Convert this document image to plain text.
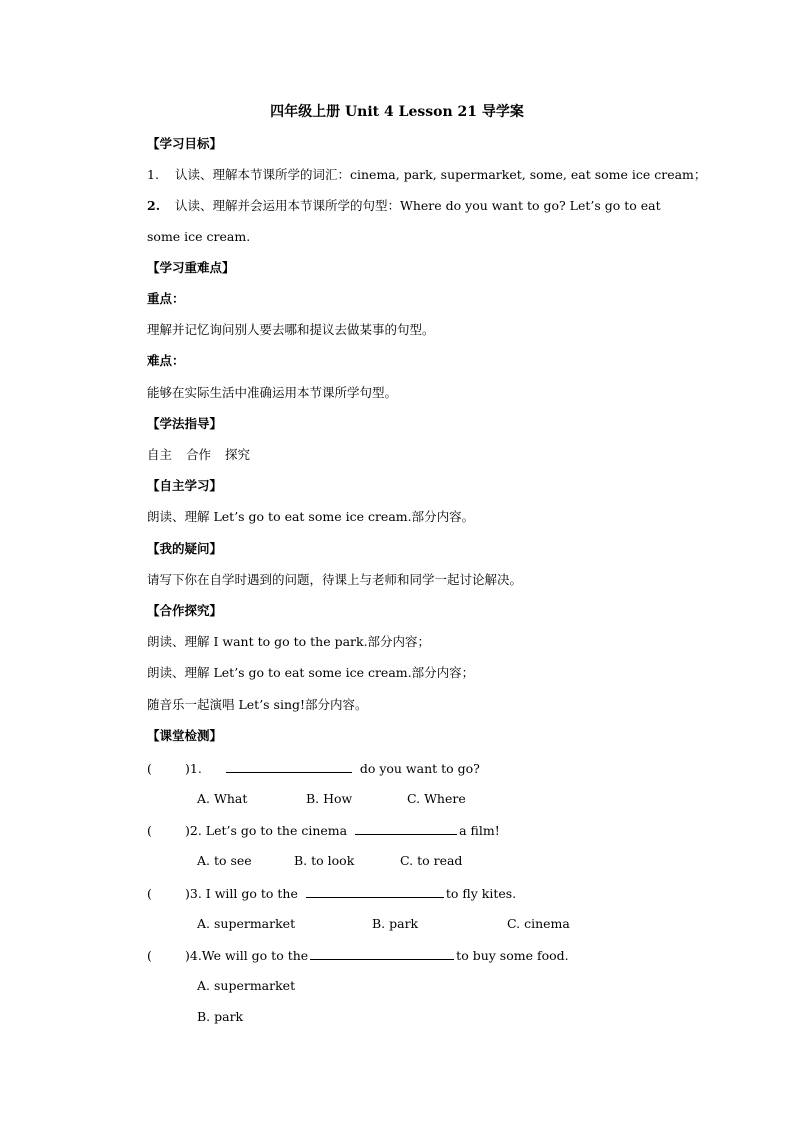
四年级上册 Unit 4 Lesson 21 导学案
【学习目标】
1. 认读、理解本节课所学的词汇：cinema, park, supermarket, some, eat some ice cream；
2. 认读、理解并会运用本节课所学的句型：Where do you want to go? Let’s go to eat
some ice cream.
【学习重难点】
重点：
理解并记忆询问别人要去哪和提议去做某事的句型。
难点：
能够在实际生活中准确运用本节课所学句型。
【学法指导】
自主 合作 探究
【自主学习】
朗读、理解 Let’s go to eat some ice cream.部分内容。
【我的疑问】
请写下你在自学时遇到的问题，待课上与老师和同学一起讨论解决。
【合作探究】
朗读、理解 I want to go to the park.部分内容；
朗读、理解 Let’s go to eat some ice cream.部分内容；
随音乐一起演唱 Let’s sing!部分内容。
【课堂检测】
(	)1.	do you want to go?
A. What	B. How	C. Where
(	)2. Let’s go to the cinema	a film!
A. to see	B. to look	C. to read
(	)3. I will go to the	to fly kites.
A. supermarket	B. park	C. cinema
(	)4.We will go to the	to buy some food.
A. supermarket
B. park
